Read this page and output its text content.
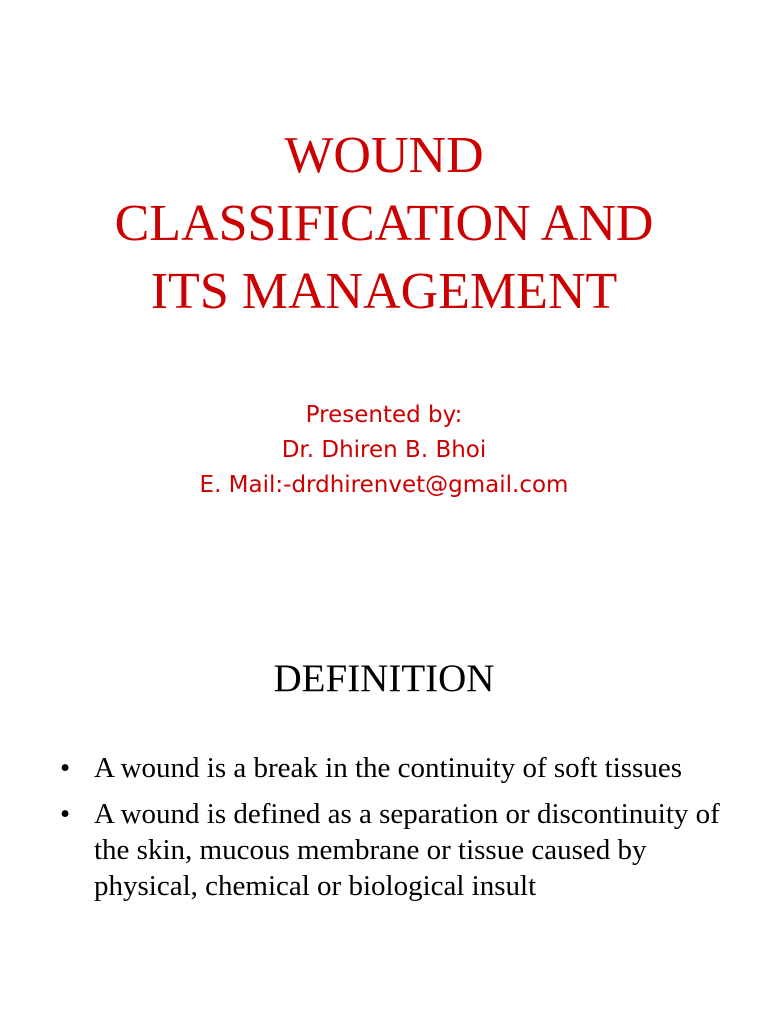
WOUND
CLASSIFICATION AND
ITS MANAGEMENT
Presented by:
Dr. Dhiren B. Bhoi
E. Mail:-drdhirenvet@gmail.com
DEFINITION
• A wound is a break in the continuity of soft tissues
• A wound is defined as a separation or discontinuity of the skin, mucous membrane or tissue caused by physical, chemical or biological insult
